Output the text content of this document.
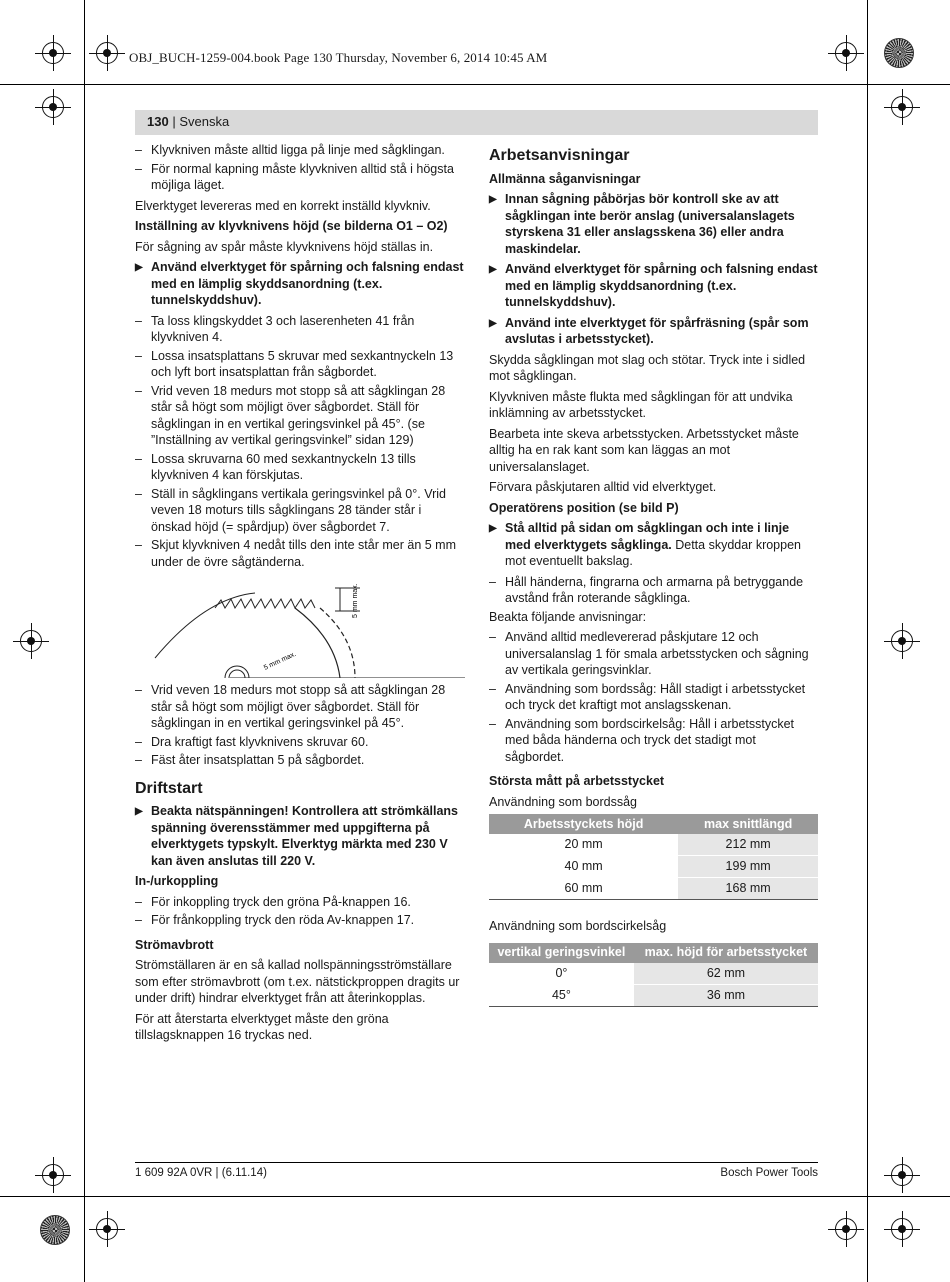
OBJ_BUCH-1259-004.book Page 130 Thursday, November 6, 2014 10:45 AM
130 | Svenska
– Klyvkniven måste alltid ligga på linje med sågklingan.
– För normal kapning måste klyvkniven alltid stå i högsta möjliga läget.

Elverktyget levereras med en korrekt inställd klyvkniv.

Inställning av klyvknivens höjd (se bilderna O1 – O2)

För sågning av spår måste klyvknivens höjd ställas in.

▶ Använd elverktyget för spårning och falsning endast med en lämplig skyddsanordning (t.ex. tunnelskyddshuv).
– Ta loss klingskyddet 3 och laserenheten 41 från klyvkniven 4.
– Lossa insatsplattans 5 skruvar med sexkantnyckeln 13 och lyft bort insatsplattan från sågbordet.
– Vrid veven 18 medurs mot stopp så att sågklingan 28 står så högt som möjligt över sågbordet. Ställ för sågklingan in en vertikal geringsvinkel på 45°. (se ”Inställning av vertikal geringsvinkel” sidan 129)
– Lossa skruvarna 60 med sexkantnyckeln 13 tills klyvkniven 4 kan förskjutas.
– Ställ in sågklingans vertikala geringsvinkel på 0°. Vrid veven 18 moturs tills sågklingans 28 tänder står i önskad höjd (= spårdjup) över sågbordet 7.
– Skjut klyvkniven 4 nedåt tills den inte står mer än 5 mm under de övre sågtänderna.
5 mm max.
5 mm max.
– Vrid veven 18 medurs mot stopp så att sågklingan 28 står så högt som möjligt över sågbordet. Ställ för sågklingan in en vertikal geringsvinkel på 45°.
– Dra kraftigt fast klyvknivens skruvar 60.
– Fäst åter insatsplattan 5 på sågbordet.
Driftstart
▶ Beakta nätspänningen! Kontrollera att strömkällans spänning överensstämmer med uppgifterna på elverktygets typskylt. Elverktyg märkta med 230 V kan även anslutas till 220 V.
In-/urkoppling
– För inkoppling tryck den gröna På-knappen 16.
– För frånkoppling tryck den röda Av-knappen 17.
Strömavbrott

Strömställaren är en så kallad nollspänningsströmställare som efter strömavbrott (om t.ex. nätstickproppen dragits ur under drift) hindrar elverktyget från att återinkopplas.

För att återstarta elverktyget måste den gröna tillslagsknappen 16 tryckas ned.

Arbetsanvisningar
Allmänna såganvisningar
▶ Innan sågning påbörjas bör kontroll ske av att sågklingan inte berör anslag (universalanslagets styrskena 31 eller anslagsskena 36) eller andra maskindelar.
▶ Använd elverktyget för spårning och falsning endast med en lämplig skyddsanordning (t.ex. tunnelskyddshuv).
▶ Använd inte elverktyget för spårfräsning (spår som avslutas i arbetsstycket).

Skydda sågklingan mot slag och stötar. Tryck inte i sidled mot sågklingan.

Klyvkniven måste flukta med sågklingan för att undvika inklämning av arbetsstycket.

Bearbeta inte skeva arbetsstycken. Arbetsstycket måste alltig ha en rak kant som kan läggas an mot universalanslaget.

Förvara påskjutaren alltid vid elverktyget.

Operatörens position (se bild P)
▶ Stå alltid på sidan om sågklingan och inte i linje med elverktygets sågklinga. Detta skyddar kroppen mot eventuellt bakslag.
– Håll händerna, fingrarna och armarna på betryggande avstånd från roterande sågklinga.

Beakta följande anvisningar:

– Använd alltid medlevererad påskjutare 12 och universalanslag 1 för smala arbetsstycken och sågning av vertikala geringsvinklar.
– Användning som bordssåg: Håll stadigt i arbetsstycket och tryck det kraftigt mot anslagsskenan.
– Användning som bordscirkelsåg: Håll i arbetsstycket med båda händerna och tryck det stadigt mot sågbordet.
Största mått på arbetsstycket

Användning som bordssåg

Arbetsstyckets höjd	max snittlängd
20 mm	212 mm
40 mm	199 mm
60 mm	168 mm

Användning som bordscirkelsåg

vertikal geringsvinkel	max. höjd för arbetsstycket
0°	62 mm
45°	36 mm
1 609 92A 0VR | (6.11.14)	Bosch Power Tools
